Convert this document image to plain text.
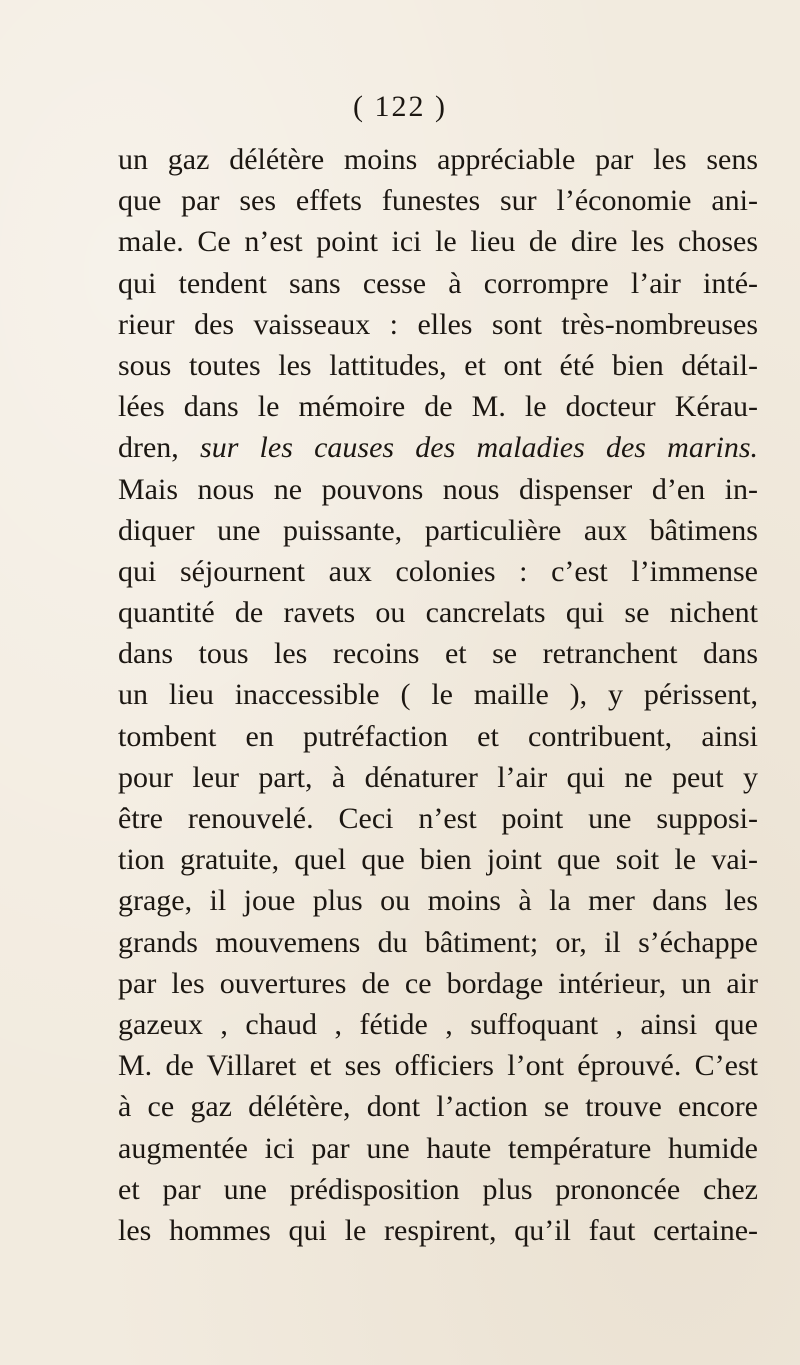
( 122 )
un gaz délétère moins appréciable par les sens
que par ses effets funestes sur l’économie ani-
male. Ce n’est point ici le lieu de dire les choses
qui tendent sans cesse à corrompre l’air inté-
rieur des vaisseaux : elles sont très-nombreuses
sous toutes les lattitudes, et ont été bien détail-
lées dans le mémoire de M. le docteur Kérau-
dren, sur les causes des maladies des marins.
Mais nous ne pouvons nous dispenser d’en in-
diquer une puissante, particulière aux bâtimens
qui séjournent aux colonies : c’est l’immense
quantité de ravets ou cancrelats qui se nichent
dans tous les recoins et se retranchent dans
un lieu inaccessible ( le maille ), y périssent,
tombent en putréfaction et contribuent, ainsi
pour leur part, à dénaturer l’air qui ne peut y
être renouvelé. Ceci n’est point une supposi-
tion gratuite, quel que bien joint que soit le vai-
grage, il joue plus ou moins à la mer dans les
grands mouvemens du bâtiment; or, il s’échappe
par les ouvertures de ce bordage intérieur, un air
gazeux , chaud , fétide , suffoquant , ainsi que
M. de Villaret et ses officiers l’ont éprouvé. C’est
à ce gaz délétère, dont l’action se trouve encore
augmentée ici par une haute température humide
et par une prédisposition plus prononcée chez
les hommes qui le respirent, qu’il faut certaine-
